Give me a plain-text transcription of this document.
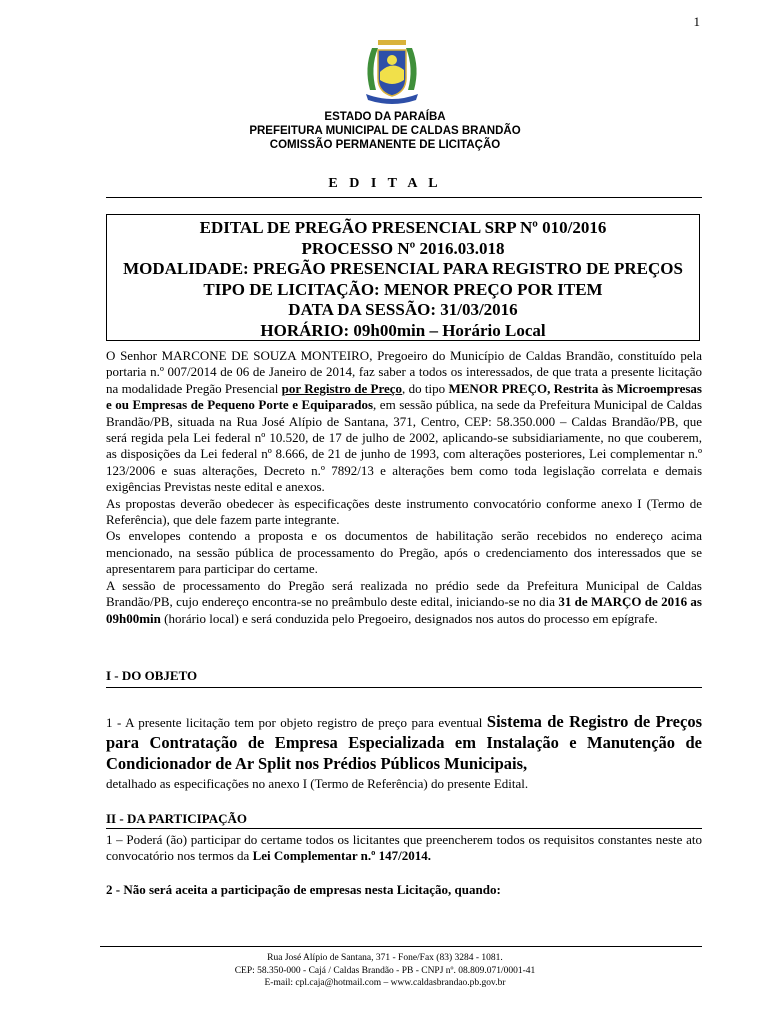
1
ESTADO DA PARAÍBA
PREFEITURA MUNICIPAL DE CALDAS BRANDÃO
COMISSÃO PERMANENTE DE LICITAÇÃO
E D I T A L
EDITAL DE PREGÃO PRESENCIAL SRP Nº 010/2016
PROCESSO Nº 2016.03.018
MODALIDADE: PREGÃO PRESENCIAL PARA REGISTRO DE PREÇOS
TIPO DE LICITAÇÃO: MENOR PREÇO POR ITEM
DATA DA SESSÃO: 31/03/2016
HORÁRIO: 09h00min – Horário Local

O Senhor MARCONE DE SOUZA MONTEIRO, Pregoeiro do Município de Caldas Brandão, constituído pela portaria n.º 007/2014 de 06 de Janeiro de 2014, faz saber a todos os interessados, de que trata a presente licitação na modalidade Pregão Presencial por Registro de Preço, do tipo MENOR PREÇO, Restrita às Microempresas e ou Empresas de Pequeno Porte e Equiparados, em sessão pública, na sede da Prefeitura Municipal de Caldas Brandão/PB, situada na Rua José Alípio de Santana, 371, Centro, CEP: 58.350.000 – Caldas Brandão/PB, que será regida pela Lei federal nº 10.520, de 17 de julho de 2002, aplicando-se subsidiariamente, no que couberem, as disposições da Lei federal nº 8.666, de 21 de junho de 1993, com alterações posteriores, Lei complementar n.º 123/2006 e suas alterações, Decreto n.º 7892/13 e alterações bem como toda legislação correlata e demais exigências Previstas neste edital e anexos.

As propostas deverão obedecer às especificações deste instrumento convocatório conforme anexo I (Termo de Referência), que dele fazem parte integrante.

Os envelopes contendo a proposta e os documentos de habilitação serão recebidos no endereço acima mencionado, na sessão pública de processamento do Pregão, após o credenciamento dos interessados que se apresentarem para participar do certame.

A sessão de processamento do Pregão será realizada no prédio sede da Prefeitura Municipal de Caldas Brandão/PB, cujo endereço encontra-se no preâmbulo deste edital, iniciando-se no dia 31 de MARÇO de 2016 as 09h00min (horário local) e será conduzida pelo Pregoeiro, designados nos autos do processo em epígrafe.

I - DO OBJETO
1 - A presente licitação tem por objeto registro de preço para eventual Sistema de Registro de Preços para Contratação de Empresa Especializada em Instalação e Manutenção de Condicionador de Ar Split nos Prédios Públicos Municipais,
detalhado as especificações no anexo I (Termo de Referência) do presente Edital.
II - DA PARTICIPAÇÃO
1 – Poderá (ão) participar do certame todos os licitantes que preencherem todos os requisitos constantes neste ato convocatório nos termos da Lei Complementar n.º 147/2014.
2 - Não será aceita a participação de empresas nesta Licitação, quando:
Rua José Alípio de Santana, 371 - Fone/Fax (83) 3284 - 1081.
CEP: 58.350-000 - Cajá / Caldas Brandão - PB - CNPJ nº. 08.809.071/0001-41
E-mail: cpl.caja@hotmail.com – www.caldasbrandao.pb.gov.br
